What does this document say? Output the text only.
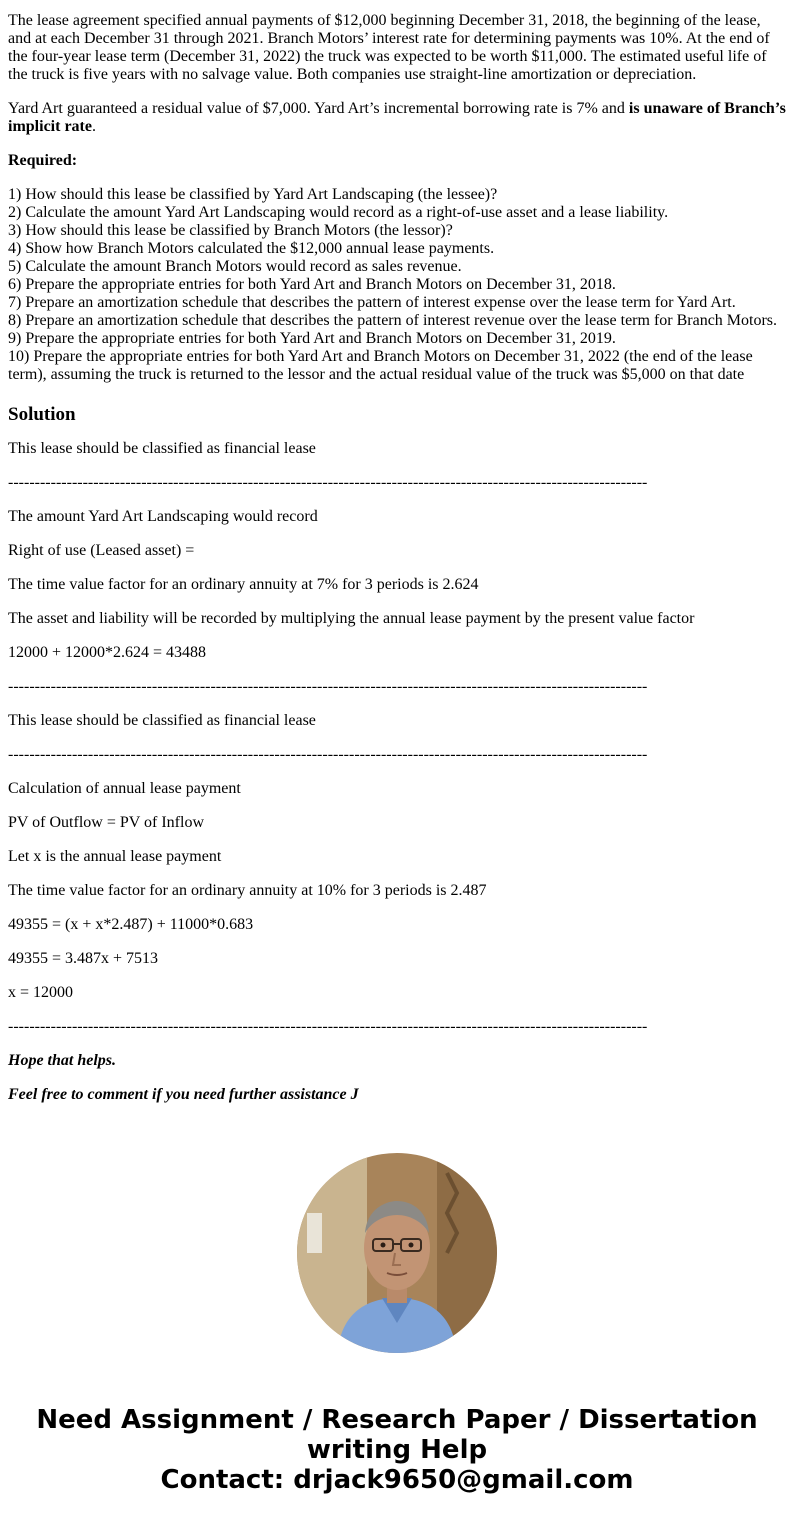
The lease agreement specified annual payments of $12,000 beginning December 31, 2018, the beginning of the lease, and at each December 31 through 2021. Branch Motors’ interest rate for determining payments was 10%. At the end of the four-year lease term (December 31, 2022) the truck was expected to be worth $11,000. The estimated useful life of the truck is five years with no salvage value. Both companies use straight-line amortization or depreciation.

Yard Art guaranteed a residual value of $7,000. Yard Art’s incremental borrowing rate is 7% and is unaware of Branch’s implicit rate.

Required:

1) How should this lease be classified by Yard Art Landscaping (the lessee)?
2) Calculate the amount Yard Art Landscaping would record as a right-of-use asset and a lease liability.
3) How should this lease be classified by Branch Motors (the lessor)?
4) Show how Branch Motors calculated the $12,000 annual lease payments.
5) Calculate the amount Branch Motors would record as sales revenue.
6) Prepare the appropriate entries for both Yard Art and Branch Motors on December 31, 2018.
7) Prepare an amortization schedule that describes the pattern of interest expense over the lease term for Yard Art.
8) Prepare an amortization schedule that describes the pattern of interest revenue over the lease term for Branch Motors.
9) Prepare the appropriate entries for both Yard Art and Branch Motors on December 31, 2019.
10) Prepare the appropriate entries for both Yard Art and Branch Motors on December 31, 2022 (the end of the lease term), assuming the truck is returned to the lessor and the actual residual value of the truck was $5,000 on that date
Solution

This lease should be classified as financial lease

------------------------------------------------------------------------------------------------------------------------

The amount Yard Art Landscaping would record

Right of use (Leased asset) =

The time value factor for an ordinary annuity at 7% for 3 periods is 2.624

The asset and liability will be recorded by multiplying the annual lease payment by the present value factor

12000 + 12000*2.624 = 43488

------------------------------------------------------------------------------------------------------------------------

This lease should be classified as financial lease

------------------------------------------------------------------------------------------------------------------------

Calculation of annual lease payment

PV of Outflow = PV of Inflow

Let x is the annual lease payment

The time value factor for an ordinary annuity at 10% for 3 periods is 2.487

49355 = (x + x*2.487) + 11000*0.683

49355 = 3.487x + 7513

x = 12000

------------------------------------------------------------------------------------------------------------------------

Hope that helps.

Feel free to comment if you need further assistance J

Need Assignment / Research Paper / Dissertation
writing Help
Contact: drjack9650@gmail.com
